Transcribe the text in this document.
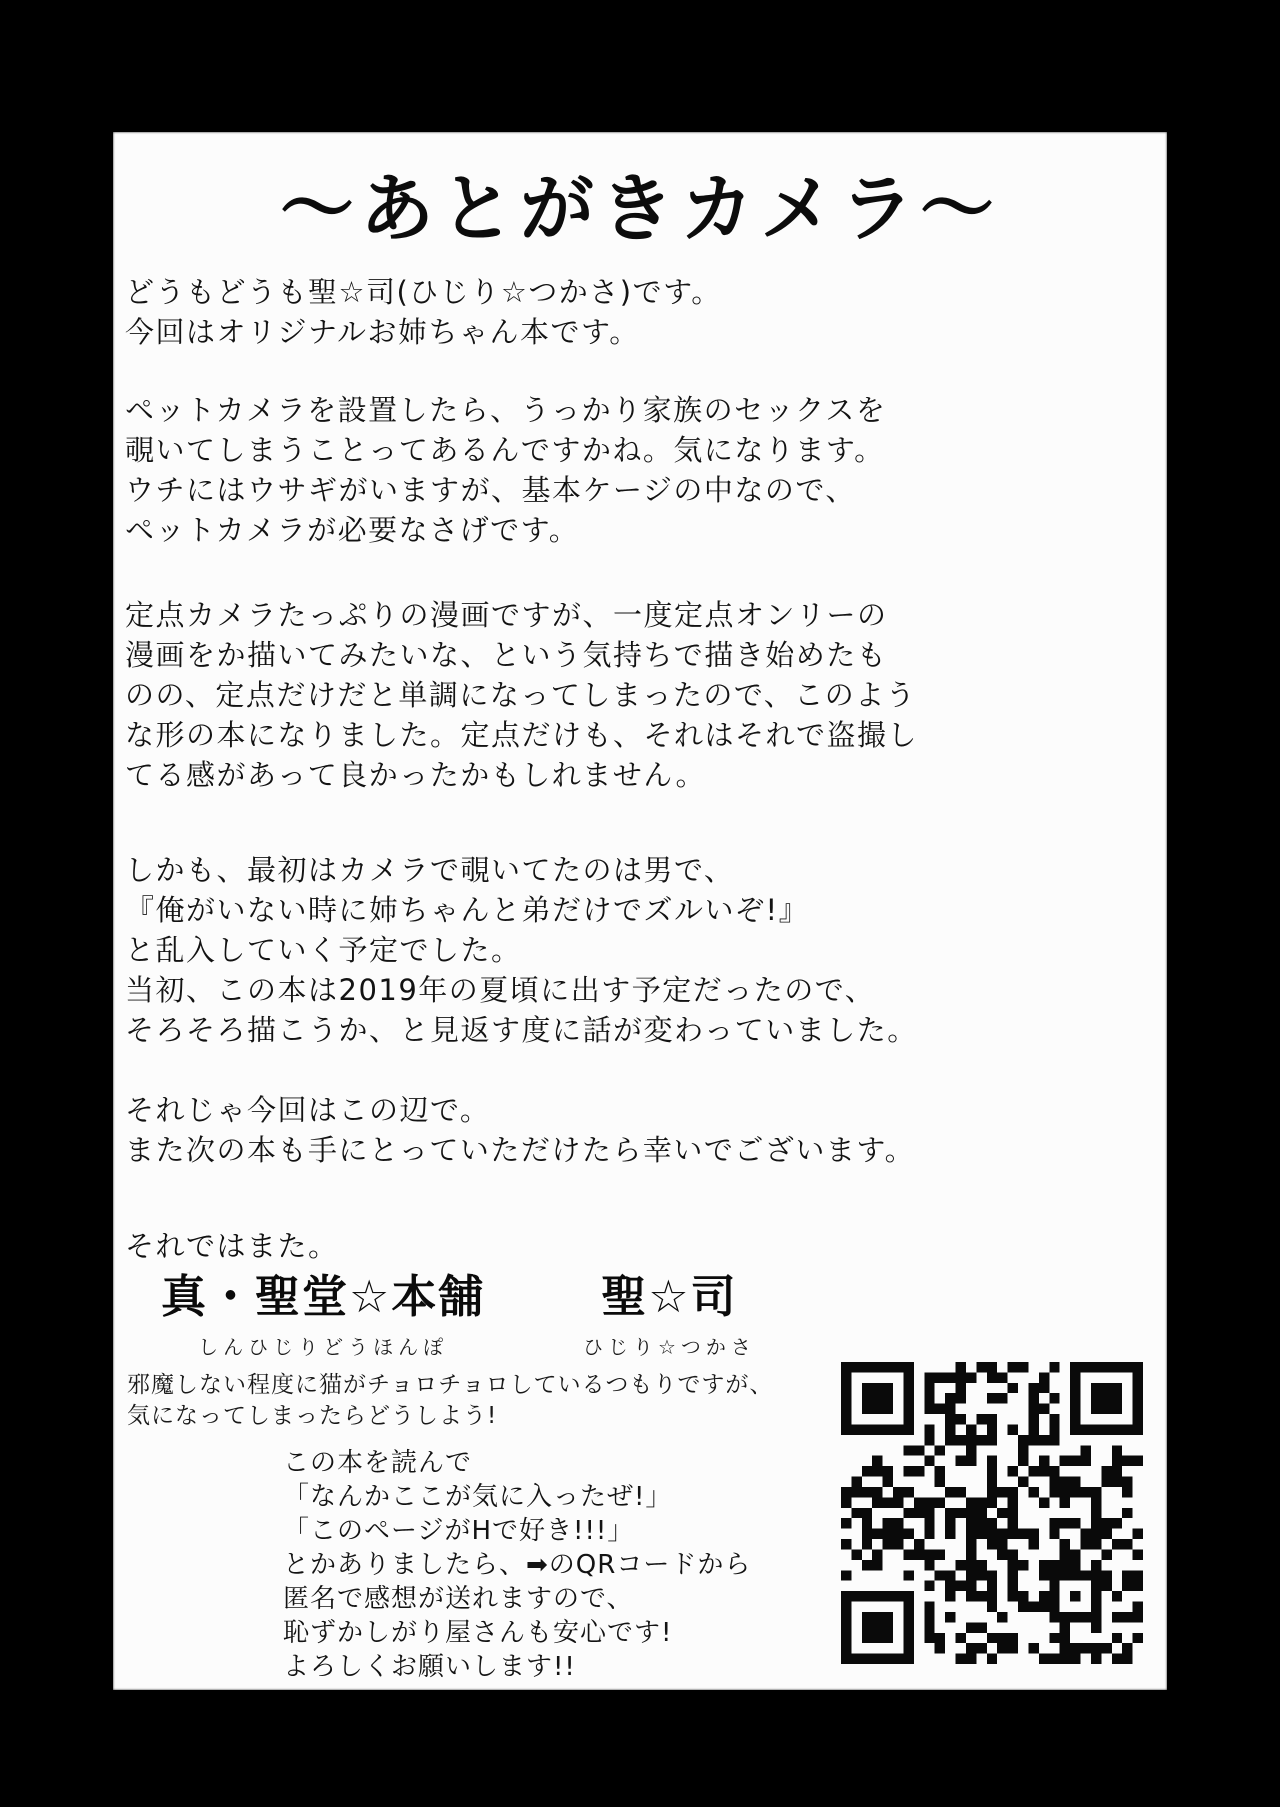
〜あとがきカメラ〜
どうもどうも聖☆司(ひじり☆つかさ)です。
今回はオリジナルお姉ちゃん本です。
ペットカメラを設置したら、うっかり家族のセックスを
覗いてしまうことってあるんですかね。気になります。
ウチにはウサギがいますが、基本ケージの中なので、
ペットカメラが必要なさげです。
定点カメラたっぷりの漫画ですが、一度定点オンリーの
漫画をか描いてみたいな、という気持ちで描き始めたも
のの、定点だけだと単調になってしまったので、このよう
な形の本になりました。定点だけも、それはそれで盗撮し
てる感があって良かったかもしれません。
しかも、最初はカメラで覗いてたのは男で、
『俺がいない時に姉ちゃんと弟だけでズルいぞ!』
と乱入していく予定でした。
当初、この本は2019年の夏頃に出す予定だったので、
そろそろ描こうか、と見返す度に話が変わっていました。
それじゃ今回はこの辺で。
また次の本も手にとっていただけたら幸いでございます。
それではまた。
真・聖堂☆本舗
しんひじりどうほんぽ
聖☆司
ひじり☆つかさ
邪魔しない程度に猫がチョロチョロしているつもりですが、
気になってしまったらどうしよう!
この本を読んで
「なんかここが気に入ったぜ!」
「このページがHで好き!!!」
とかありましたら、➡のQRコードから
匿名で感想が送れますので、
恥ずかしがり屋さんも安心です!
よろしくお願いします!!
